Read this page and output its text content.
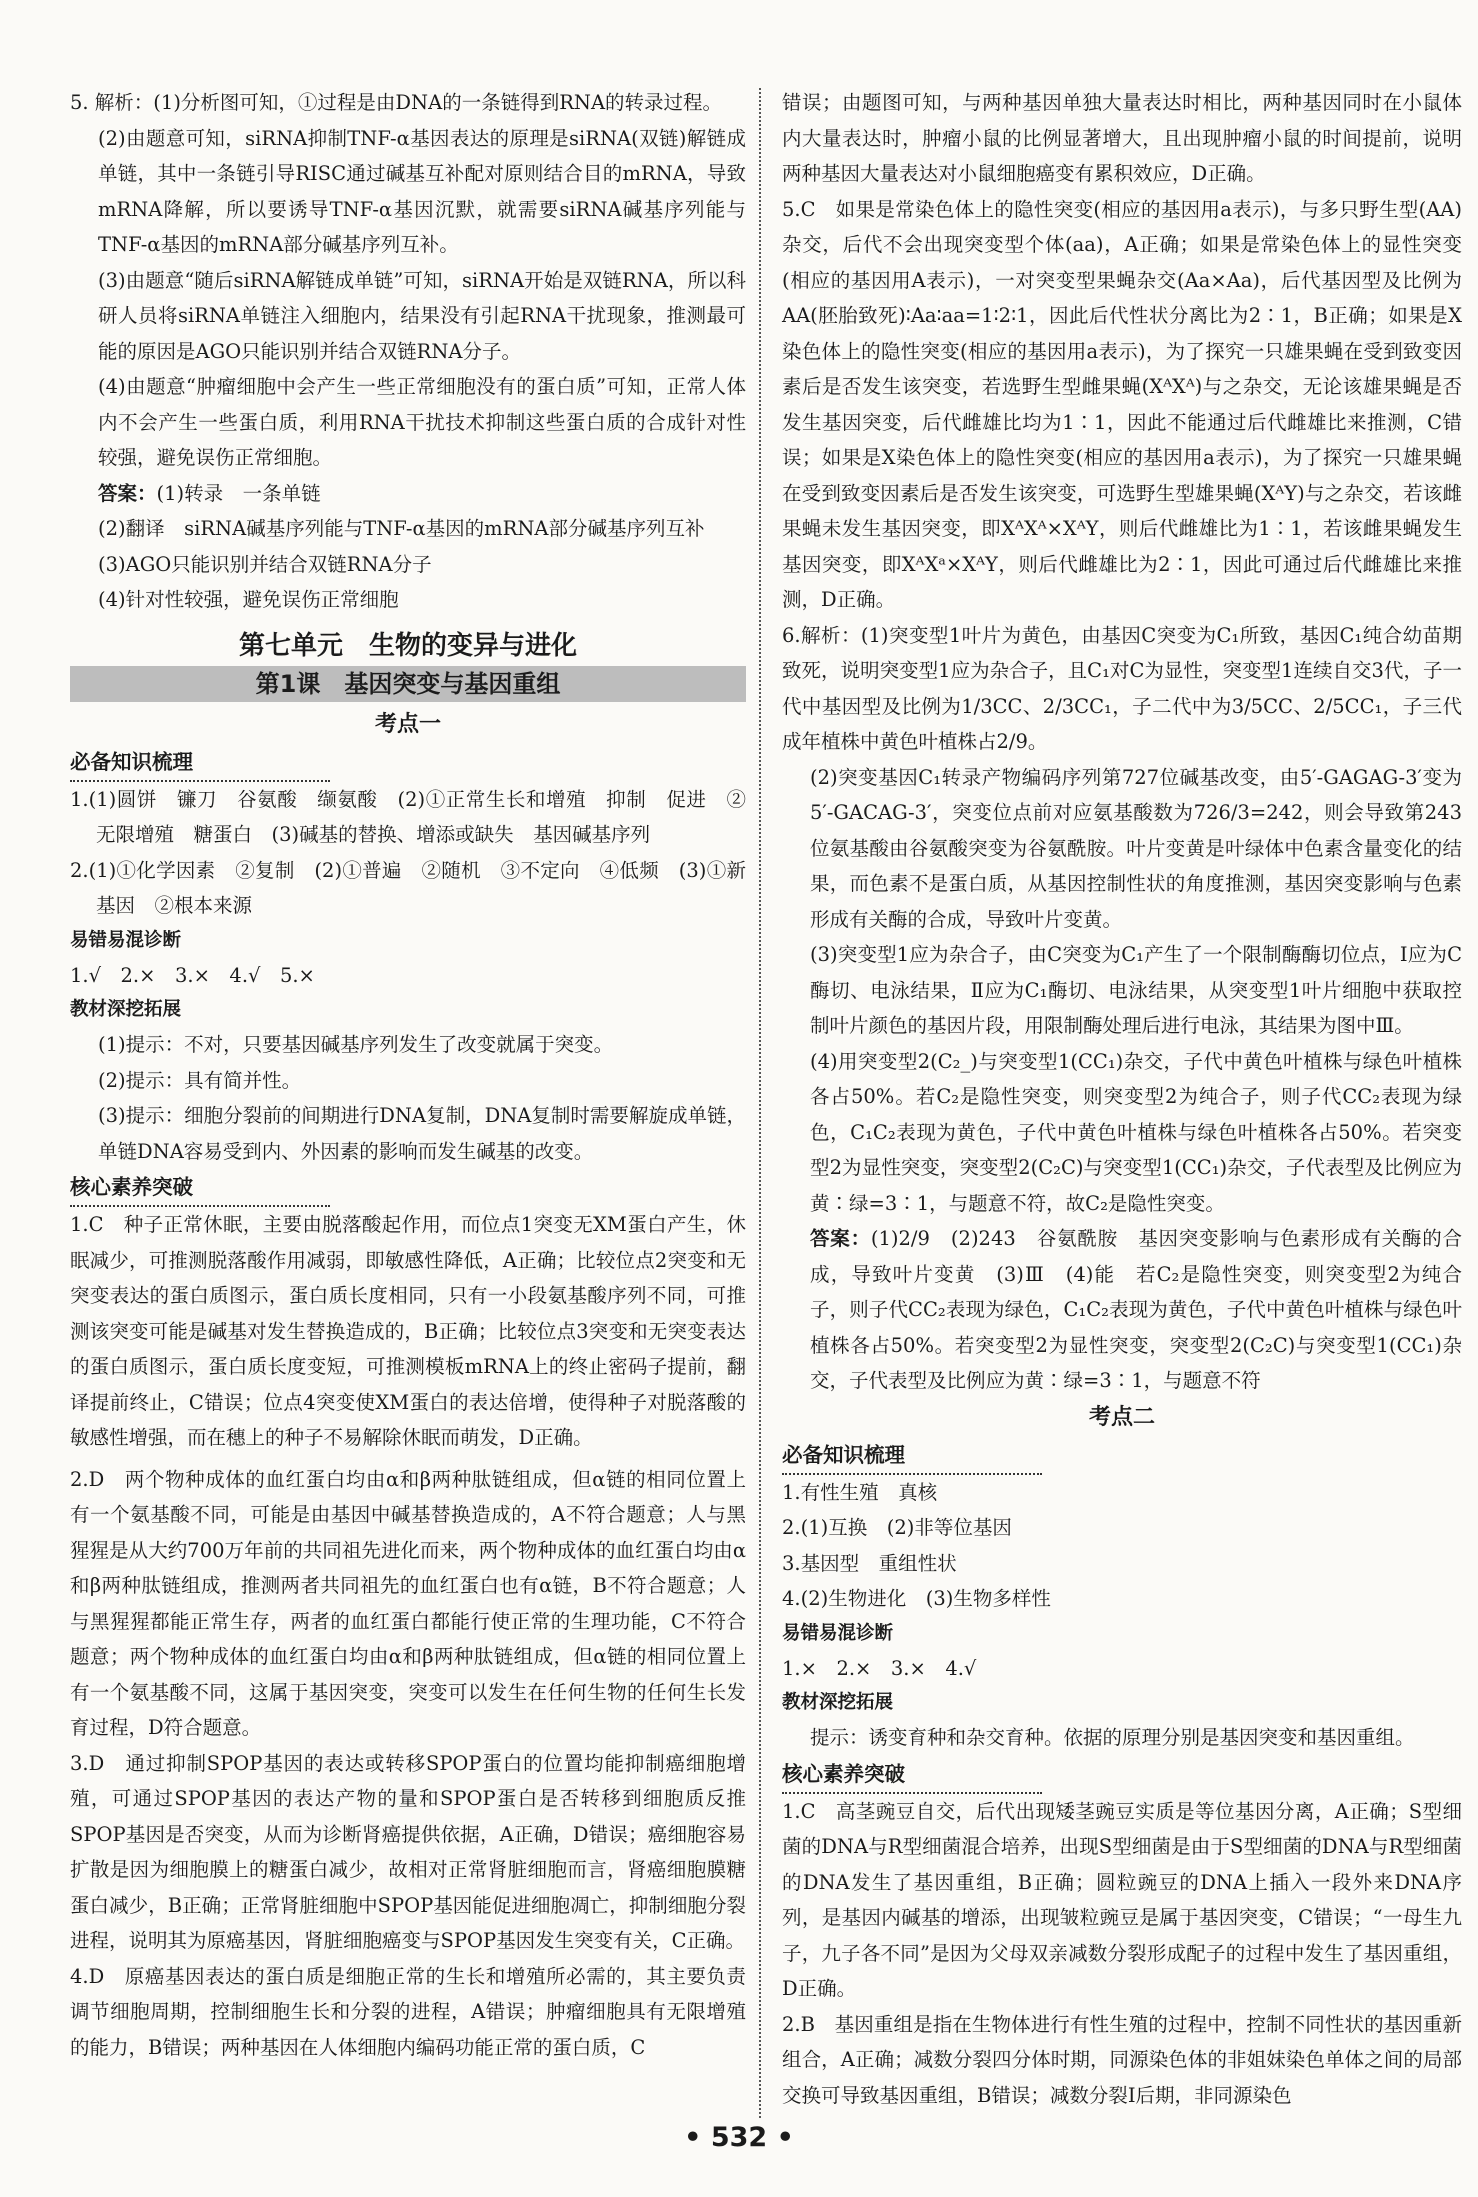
5. 解析：(1)分析图可知，①过程是由DNA的一条链得到RNA的转录过程。

(2)由题意可知，siRNA抑制TNF-α基因表达的原理是siRNA(双链)解链成单链，其中一条链引导RISC通过碱基互补配对原则结合目的mRNA，导致mRNA降解，所以要诱导TNF-α基因沉默，就需要siRNA碱基序列能与TNF-α基因的mRNA部分碱基序列互补。

(3)由题意“随后siRNA解链成单链”可知，siRNA开始是双链RNA，所以科研人员将siRNA单链注入细胞内，结果没有引起RNA干扰现象，推测最可能的原因是AGO只能识别并结合双链RNA分子。

(4)由题意“肿瘤细胞中会产生一些正常细胞没有的蛋白质”可知，正常人体内不会产生一些蛋白质，利用RNA干扰技术抑制这些蛋白质的合成针对性较强，避免误伤正常细胞。

答案：(1)转录　一条单链

(2)翻译　siRNA碱基序列能与TNF-α基因的mRNA部分碱基序列互补

(3)AGO只能识别并结合双链RNA分子

(4)针对性较强，避免误伤正常细胞

第七单元　生物的变异与进化
第1课　基因突变与基因重组
考点一
必备知识梳理

1.(1)圆饼　镰刀　谷氨酸　缬氨酸　(2)①正常生长和增殖　抑制　促进　②无限增殖　糖蛋白　(3)碱基的替换、增添或缺失　基因碱基序列

2.(1)①化学因素　②复制　(2)①普遍　②随机　③不定向　④低频　(3)①新基因　②根本来源

易错易混诊断

1.√　2.×　3.×　4.√　5.×

教材深挖拓展

(1)提示：不对，只要基因碱基序列发生了改变就属于突变。

(2)提示：具有简并性。

(3)提示：细胞分裂前的间期进行DNA复制，DNA复制时需要解旋成单链，单链DNA容易受到内、外因素的影响而发生碱基的改变。

核心素养突破

1.C　种子正常休眠，主要由脱落酸起作用，而位点1突变无XM蛋白产生，休眠减少，可推测脱落酸作用减弱，即敏感性降低，A正确；比较位点2突变和无突变表达的蛋白质图示，蛋白质长度相同，只有一小段氨基酸序列不同，可推测该突变可能是碱基对发生替换造成的，B正确；比较位点3突变和无突变表达的蛋白质图示，蛋白质长度变短，可推测模板mRNA上的终止密码子提前，翻译提前终止，C错误；位点4突变使XM蛋白的表达倍增，使得种子对脱落酸的敏感性增强，而在穗上的种子不易解除休眠而萌发，D正确。

2.D　两个物种成体的血红蛋白均由α和β两种肽链组成，但α链的相同位置上有一个氨基酸不同，可能是由基因中碱基替换造成的，A不符合题意；人与黑猩猩是从大约700万年前的共同祖先进化而来，两个物种成体的血红蛋白均由α和β两种肽链组成，推测两者共同祖先的血红蛋白也有α链，B不符合题意；人与黑猩猩都能正常生存，两者的血红蛋白都能行使正常的生理功能，C不符合题意；两个物种成体的血红蛋白均由α和β两种肽链组成，但α链的相同位置上有一个氨基酸不同，这属于基因突变，突变可以发生在任何生物的任何生长发育过程，D符合题意。

3.D　通过抑制SPOP基因的表达或转移SPOP蛋白的位置均能抑制癌细胞增殖，可通过SPOP基因的表达产物的量和SPOP蛋白是否转移到细胞质反推SPOP基因是否突变，从而为诊断肾癌提供依据，A正确，D错误；癌细胞容易扩散是因为细胞膜上的糖蛋白减少，故相对正常肾脏细胞而言，肾癌细胞膜糖蛋白减少，B正确；正常肾脏细胞中SPOP基因能促进细胞凋亡，抑制细胞分裂进程，说明其为原癌基因，肾脏细胞癌变与SPOP基因发生突变有关，C正确。

4.D　原癌基因表达的蛋白质是细胞正常的生长和增殖所必需的，其主要负责调节细胞周期，控制细胞生长和分裂的进程，A错误；肿瘤细胞具有无限增殖的能力，B错误；两种基因在人体细胞内编码功能正常的蛋白质，C

错误；由题图可知，与两种基因单独大量表达时相比，两种基因同时在小鼠体内大量表达时，肿瘤小鼠的比例显著增大，且出现肿瘤小鼠的时间提前，说明两种基因大量表达对小鼠细胞癌变有累积效应，D正确。

5.C　如果是常染色体上的隐性突变(相应的基因用a表示)，与多只野生型(AA)杂交，后代不会出现突变型个体(aa)，A正确；如果是常染色体上的显性突变(相应的基因用A表示)，一对突变型果蝇杂交(Aa×Aa)，后代基因型及比例为AA(胚胎致死)∶Aa∶aa=1∶2∶1，因此后代性状分离比为2∶1，B正确；如果是X染色体上的隐性突变(相应的基因用a表示)，为了探究一只雄果蝇在受到致变因素后是否发生该突变，若选野生型雌果蝇(XᴬXᴬ)与之杂交，无论该雄果蝇是否发生基因突变，后代雌雄比均为1∶1，因此不能通过后代雌雄比来推测，C错误；如果是X染色体上的隐性突变(相应的基因用a表示)，为了探究一只雄果蝇在受到致变因素后是否发生该突变，可选野生型雄果蝇(XᴬY)与之杂交，若该雌果蝇未发生基因突变，即XᴬXᴬ×XᴬY，则后代雌雄比为1∶1，若该雌果蝇发生基因突变，即XᴬXᵃ×XᴬY，则后代雌雄比为2∶1，因此可通过后代雌雄比来推测，D正确。

6.解析：(1)突变型1叶片为黄色，由基因C突变为C₁所致，基因C₁纯合幼苗期致死，说明突变型1应为杂合子，且C₁对C为显性，突变型1连续自交3代，子一代中基因型及比例为1/3CC、2/3CC₁，子二代中为3/5CC、2/5CC₁，子三代成年植株中黄色叶植株占2/9。

(2)突变基因C₁转录产物编码序列第727位碱基改变，由5′-GAGAG-3′变为5′-GACAG-3′，突变位点前对应氨基酸数为726/3=242，则会导致第243位氨基酸由谷氨酸突变为谷氨酰胺。叶片变黄是叶绿体中色素含量变化的结果，而色素不是蛋白质，从基因控制性状的角度推测，基因突变影响与色素形成有关酶的合成，导致叶片变黄。

(3)突变型1应为杂合子，由C突变为C₁产生了一个限制酶酶切位点，Ⅰ应为C酶切、电泳结果，Ⅱ应为C₁酶切、电泳结果，从突变型1叶片细胞中获取控制叶片颜色的基因片段，用限制酶处理后进行电泳，其结果为图中Ⅲ。

(4)用突变型2(C₂_)与突变型1(CC₁)杂交，子代中黄色叶植株与绿色叶植株各占50%。若C₂是隐性突变，则突变型2为纯合子，则子代CC₂表现为绿色，C₁C₂表现为黄色，子代中黄色叶植株与绿色叶植株各占50%。若突变型2为显性突变，突变型2(C₂C)与突变型1(CC₁)杂交，子代表型及比例应为黄∶绿=3∶1，与题意不符，故C₂是隐性突变。

答案：(1)2/9　(2)243　谷氨酰胺　基因突变影响与色素形成有关酶的合成，导致叶片变黄　(3)Ⅲ　(4)能　若C₂是隐性突变，则突变型2为纯合子，则子代CC₂表现为绿色，C₁C₂表现为黄色，子代中黄色叶植株与绿色叶植株各占50%。若突变型2为显性突变，突变型2(C₂C)与突变型1(CC₁)杂交，子代表型及比例应为黄∶绿=3∶1，与题意不符

考点二
必备知识梳理

1.有性生殖　真核

2.(1)互换　(2)非等位基因

3.基因型　重组性状

4.(2)生物进化　(3)生物多样性

易错易混诊断

1.×　2.×　3.×　4.√

教材深挖拓展

提示：诱变育种和杂交育种。依据的原理分别是基因突变和基因重组。

核心素养突破

1.C　高茎豌豆自交，后代出现矮茎豌豆实质是等位基因分离，A正确；S型细菌的DNA与R型细菌混合培养，出现S型细菌是由于S型细菌的DNA与R型细菌的DNA发生了基因重组，B正确；圆粒豌豆的DNA上插入一段外来DNA序列，是基因内碱基的增添，出现皱粒豌豆是属于基因突变，C错误；“一母生九子，九子各不同”是因为父母双亲减数分裂形成配子的过程中发生了基因重组，D正确。

2.B　基因重组是指在生物体进行有性生殖的过程中，控制不同性状的基因重新组合，A正确；减数分裂四分体时期，同源染色体的非姐妹染色单体之间的局部交换可导致基因重组，B错误；减数分裂Ⅰ后期，非同源染色

• 532 •
